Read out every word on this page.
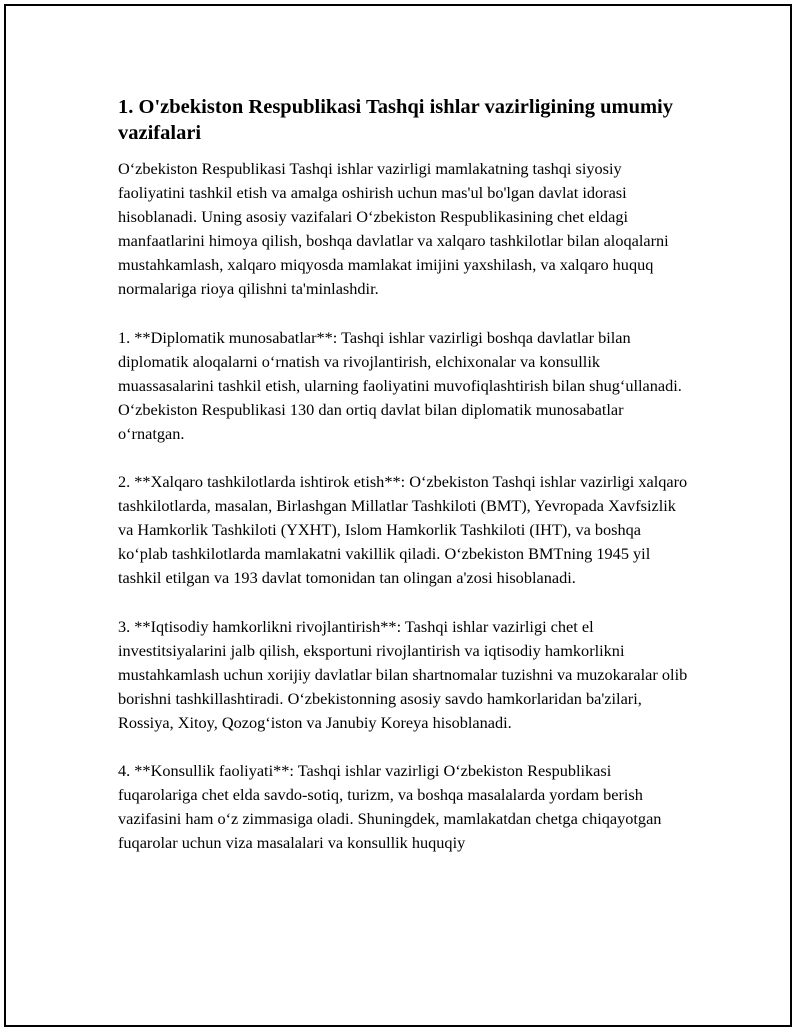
1. O'zbekiston Respublikasi Tashqi ishlar vazirligining umumiy vazifalari

O‘zbekiston Respublikasi Tashqi ishlar vazirligi mamlakatning tashqi siyosiy faoliyatini tashkil etish va amalga oshirish uchun mas'ul bo'lgan davlat idorasi hisoblanadi. Uning asosiy vazifalari O‘zbekiston Respublikasining chet eldagi manfaatlarini himoya qilish, boshqa davlatlar va xalqaro tashkilotlar bilan aloqalarni mustahkamlash, xalqaro miqyosda mamlakat imijini yaxshilash, va xalqaro huquq normalariga rioya qilishni ta'minlashdir.

1. **Diplomatik munosabatlar**: Tashqi ishlar vazirligi boshqa davlatlar bilan diplomatik aloqalarni o‘rnatish va rivojlantirish, elchixonalar va konsullik muassasalarini tashkil etish, ularning faoliyatini muvofiqlashtirish bilan shug‘ullanadi. O‘zbekiston Respublikasi 130 dan ortiq davlat bilan diplomatik munosabatlar o‘rnatgan.

2. **Xalqaro tashkilotlarda ishtirok etish**: O‘zbekiston Tashqi ishlar vazirligi xalqaro tashkilotlarda, masalan, Birlashgan Millatlar Tashkiloti (BMT), Yevropada Xavfsizlik va Hamkorlik Tashkiloti (YXHT), Islom Hamkorlik Tashkiloti (IHT), va boshqa ko‘plab tashkilotlarda mamlakatni vakillik qiladi. O‘zbekiston BMTning 1945 yil tashkil etilgan va 193 davlat tomonidan tan olingan a'zosi hisoblanadi.

3. **Iqtisodiy hamkorlikni rivojlantirish**: Tashqi ishlar vazirligi chet el investitsiyalarini jalb qilish, eksportuni rivojlantirish va iqtisodiy hamkorlikni mustahkamlash uchun xorijiy davlatlar bilan shartnomalar tuzishni va muzokaralar olib borishni tashkillashtiradi. O‘zbekistonning asosiy savdo hamkorlaridan ba'zilari, Rossiya, Xitoy, Qozog‘iston va Janubiy Koreya hisoblanadi.

4. **Konsullik faoliyati**: Tashqi ishlar vazirligi O‘zbekiston Respublikasi fuqarolariga chet elda savdo-sotiq, turizm, va boshqa masalalarda yordam berish vazifasini ham o‘z zimmasiga oladi. Shuningdek, mamlakatdan chetga chiqayotgan fuqarolar uchun viza masalalari va konsullik huquqiy
